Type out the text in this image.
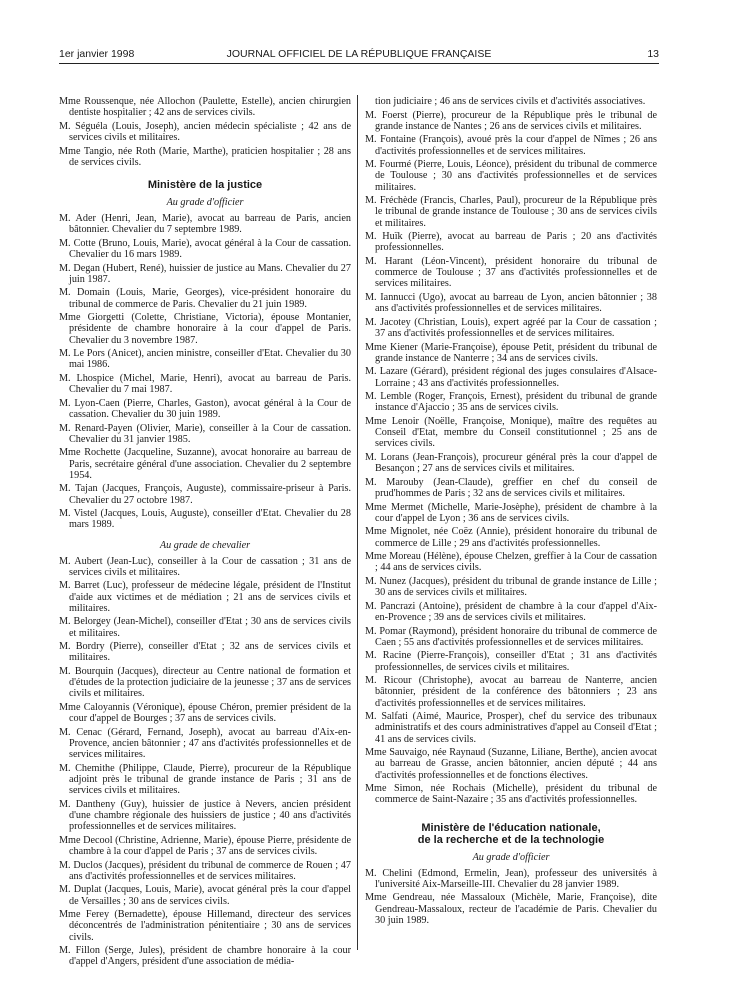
1er janvier 1998	JOURNAL OFFICIEL DE LA RÉPUBLIQUE FRANÇAISE	13

Mme Roussenque, née Allochon (Paulette, Estelle), ancien chirurgien dentiste hospitalier ; 42 ans de services civils.

M. Séguéla (Louis, Joseph), ancien médecin spécialiste ; 42 ans de services civils et militaires.

Mme Tangio, née Roth (Marie, Marthe), praticien hospitalier ; 28 ans de services civils.

Ministère de la justice
Au grade d'officier

M. Ader (Henri, Jean, Marie), avocat au barreau de Paris, ancien bâtonnier. Chevalier du 7 septembre 1989.

M. Cotte (Bruno, Louis, Marie), avocat général à la Cour de cassation. Chevalier du 16 mars 1989.

M. Degan (Hubert, René), huissier de justice au Mans. Chevalier du 27 juin 1987.

M. Domain (Louis, Marie, Georges), vice-président honoraire du tribunal de commerce de Paris. Chevalier du 21 juin 1989.

Mme Giorgetti (Colette, Christiane, Victoria), épouse Montanier, présidente de chambre honoraire à la cour d'appel de Paris. Chevalier du 3 novembre 1987.

M. Le Pors (Anicet), ancien ministre, conseiller d'Etat. Chevalier du 30 mai 1986.

M. Lhospice (Michel, Marie, Henri), avocat au barreau de Paris. Chevalier du 7 mai 1987.

M. Lyon-Caen (Pierre, Charles, Gaston), avocat général à la Cour de cassation. Chevalier du 30 juin 1989.

M. Renard-Payen (Olivier, Marie), conseiller à la Cour de cassation. Chevalier du 31 janvier 1985.

Mme Rochette (Jacqueline, Suzanne), avocat honoraire au barreau de Paris, secrétaire général d'une association. Chevalier du 2 septembre 1954.

M. Tajan (Jacques, François, Auguste), commissaire-priseur à Paris. Chevalier du 27 octobre 1987.

M. Vistel (Jacques, Louis, Auguste), conseiller d'Etat. Chevalier du 28 mars 1989.

Au grade de chevalier

M. Aubert (Jean-Luc), conseiller à la Cour de cassation ; 31 ans de services civils et militaires.

M. Barret (Luc), professeur de médecine légale, président de l'Institut d'aide aux victimes et de médiation ; 21 ans de services civils et militaires.

M. Belorgey (Jean-Michel), conseiller d'Etat ; 30 ans de services civils et militaires.

M. Bordry (Pierre), conseiller d'Etat ; 32 ans de services civils et militaires.

M. Bourquin (Jacques), directeur au Centre national de formation et d'études de la protection judiciaire de la jeunesse ; 37 ans de services civils et militaires.

Mme Caloyannis (Véronique), épouse Chéron, premier président de la cour d'appel de Bourges ; 37 ans de services civils.

M. Cenac (Gérard, Fernand, Joseph), avocat au barreau d'Aix-en-Provence, ancien bâtonnier ; 47 ans d'activités professionnelles et de services militaires.

M. Chemithe (Philippe, Claude, Pierre), procureur de la République adjoint près le tribunal de grande instance de Paris ; 31 ans de services civils et militaires.

M. Dantheny (Guy), huissier de justice à Nevers, ancien président d'une chambre régionale des huissiers de justice ; 40 ans d'activités professionnelles et de services militaires.

Mme Decool (Christine, Adrienne, Marie), épouse Pierre, présidente de chambre à la cour d'appel de Paris ; 37 ans de services civils.

M. Duclos (Jacques), président du tribunal de commerce de Rouen ; 47 ans d'activités professionnelles et de services militaires.

M. Duplat (Jacques, Louis, Marie), avocat général près la cour d'appel de Versailles ; 30 ans de services civils.

Mme Ferey (Bernadette), épouse Hillemand, directeur des services déconcentrés de l'administration pénitentiaire ; 30 ans de services civils.

M. Fillon (Serge, Jules), président de chambre honoraire à la cour d'appel d'Angers, président d'une association de média-

tion judiciaire ; 46 ans de services civils et d'activités associatives.

M. Foerst (Pierre), procureur de la République près le tribunal de grande instance de Nantes ; 26 ans de services civils et militaires.

M. Fontaine (François), avoué près la cour d'appel de Nîmes ; 26 ans d'activités professionnelles et de services militaires.

M. Fourmé (Pierre, Louis, Léonce), président du tribunal de commerce de Toulouse ; 30 ans d'activités professionnelles et de services militaires.

M. Fréchède (Francis, Charles, Paul), procureur de la République près le tribunal de grande instance de Toulouse ; 30 ans de services civils et militaires.

M. Huïk (Pierre), avocat au barreau de Paris ; 20 ans d'activités professionnelles.

M. Harant (Léon-Vincent), président honoraire du tribunal de commerce de Toulouse ; 37 ans d'activités professionnelles et de services militaires.

M. Iannucci (Ugo), avocat au barreau de Lyon, ancien bâtonnier ; 38 ans d'activités professionnelles et de services militaires.

M. Jacotey (Christian, Louis), expert agréé par la Cour de cassation ; 37 ans d'activités professionnelles et de services militaires.

Mme Kiener (Marie-Françoise), épouse Petit, président du tribunal de grande instance de Nanterre ; 34 ans de services civils.

M. Lazare (Gérard), président régional des juges consulaires d'Alsace-Lorraine ; 43 ans d'activités professionnelles.

M. Lemble (Roger, François, Ernest), président du tribunal de grande instance d'Ajaccio ; 35 ans de services civils.

Mme Lenoir (Noëlle, Françoise, Monique), maître des requêtes au Conseil d'Etat, membre du Conseil constitutionnel ; 25 ans de services civils.

M. Lorans (Jean-François), procureur général près la cour d'appel de Besançon ; 27 ans de services civils et militaires.

M. Marouby (Jean-Claude), greffier en chef du conseil de prud'hommes de Paris ; 32 ans de services civils et militaires.

Mme Mermet (Michelle, Marie-Josèphe), président de chambre à la cour d'appel de Lyon ; 36 ans de services civils.

Mme Mignolet, née Coëz (Annie), président honoraire du tribunal de commerce de Lille ; 29 ans d'activités professionnelles.

Mme Moreau (Hélène), épouse Chelzen, greffier à la Cour de cassation ; 44 ans de services civils.

M. Nunez (Jacques), président du tribunal de grande instance de Lille ; 30 ans de services civils et militaires.

M. Pancrazi (Antoine), président de chambre à la cour d'appel d'Aix-en-Provence ; 39 ans de services civils et militaires.

M. Pomar (Raymond), président honoraire du tribunal de commerce de Caen ; 55 ans d'activités professionnelles et de services militaires.

M. Racine (Pierre-François), conseiller d'Etat ; 31 ans d'activités professionnelles, de services civils et militaires.

M. Ricour (Christophe), avocat au barreau de Nanterre, ancien bâtonnier, président de la conférence des bâtonniers ; 23 ans d'activités professionnelles et de services militaires.

M. Salfati (Aimé, Maurice, Prosper), chef du service des tribunaux administratifs et des cours administratives d'appel au Conseil d'Etat ; 41 ans de services civils.

Mme Sauvaigo, née Raynaud (Suzanne, Liliane, Berthe), ancien avocat au barreau de Grasse, ancien bâtonnier, ancien député ; 44 ans d'activités professionnelles et de fonctions électives.

Mme Simon, née Rochais (Michelle), président du tribunal de commerce de Saint-Nazaire ; 35 ans d'activités professionnelles.

Ministère de l'éducation nationale,
de la recherche et de la technologie
Au grade d'officier

M. Chelini (Edmond, Ermelin, Jean), professeur des universités à l'université Aix-Marseille-III. Chevalier du 28 janvier 1989.

Mme Gendreau, née Massaloux (Michèle, Marie, Françoise), dite Gendreau-Massaloux, recteur de l'académie de Paris. Chevalier du 30 juin 1989.
